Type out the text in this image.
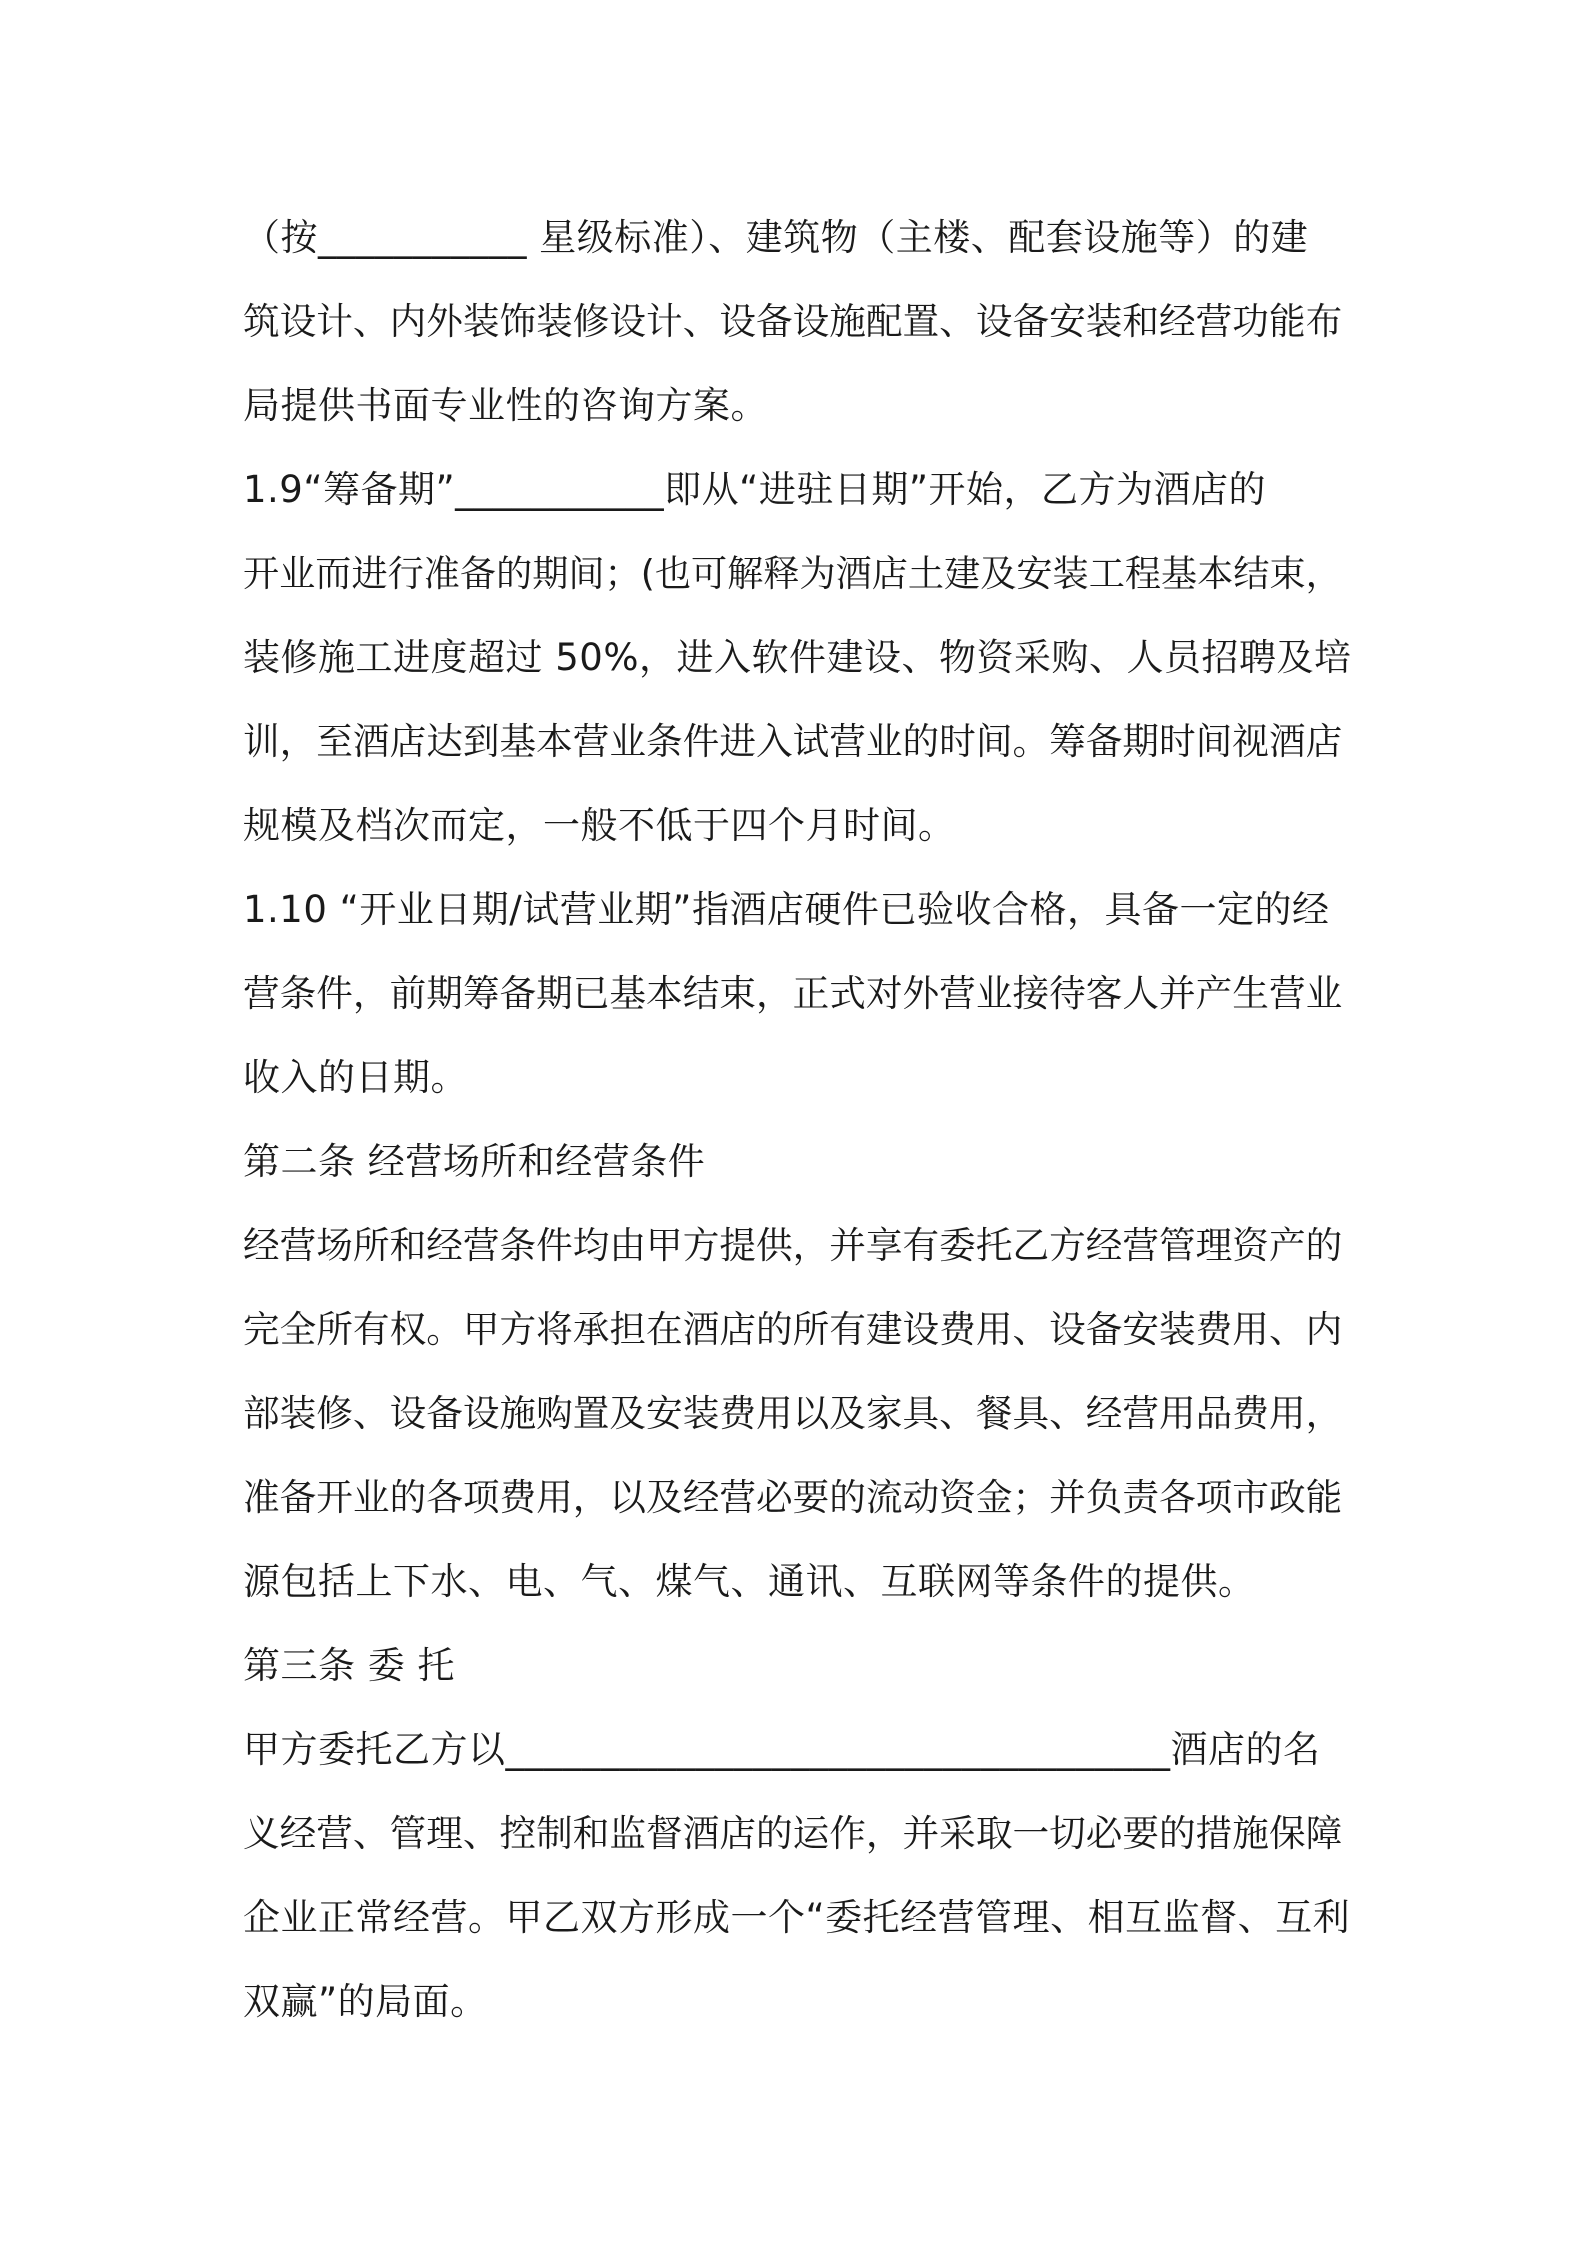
（按___________ 星级标准）、建筑物（主楼、配套设施等）的建
筑设计、内外装饰装修设计、设备设施配置、设备安装和经营功能布
局提供书面专业性的咨询方案。
1.9“筹备期”___________即从“进驻日期”开始，乙方为酒店的
开业而进行准备的期间；(也可解释为酒店土建及安装工程基本结束，
装修施工进度超过 50%，进入软件建设、物资采购、人员招聘及培
训，至酒店达到基本营业条件进入试营业的时间。筹备期时间视酒店
规模及档次而定，一般不低于四个月时间。
1.10 “开业日期/试营业期”指酒店硬件已验收合格，具备一定的经
营条件，前期筹备期已基本结束，正式对外营业接待客人并产生营业
收入的日期。
第二条 经营场所和经营条件
经营场所和经营条件均由甲方提供，并享有委托乙方经营管理资产的
完全所有权。甲方将承担在酒店的所有建设费用、设备安装费用、内
部装修、设备设施购置及安装费用以及家具、餐具、经营用品费用，
准备开业的各项费用，以及经营必要的流动资金；并负责各项市政能
源包括上下水、电、气、煤气、通讯、互联网等条件的提供。
第三条 委 托
甲方委托乙方以___________________________________酒店的名
义经营、管理、控制和监督酒店的运作，并采取一切必要的措施保障
企业正常经营。甲乙双方形成一个“委托经营管理、相互监督、互利
双赢”的局面。
